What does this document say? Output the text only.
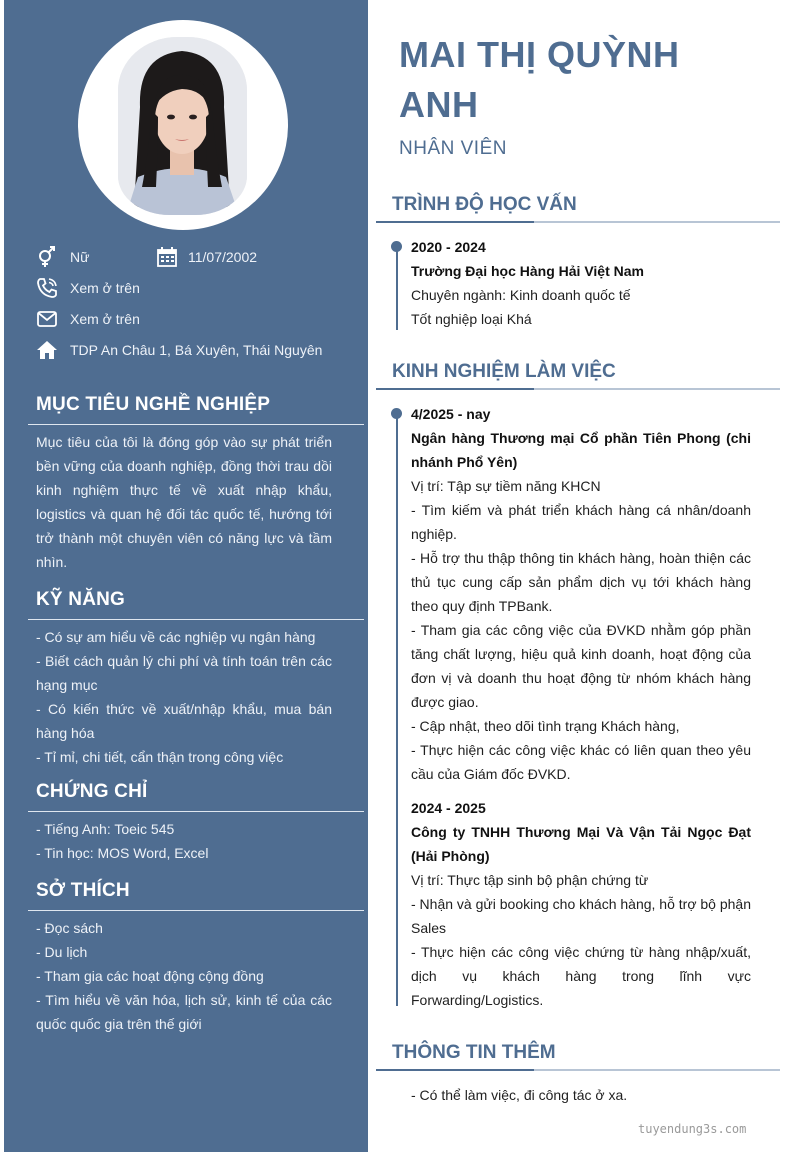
Nữ	11/07/2002
Xem ở trên
Xem ở trên
TDP An Châu 1, Bá Xuyên, Thái Nguyên
MỤC TIÊU NGHỀ NGHIỆP

Mục tiêu của tôi là đóng góp vào sự phát triển bền vững của doanh nghiệp, đồng thời trau dồi kinh nghiệm thực tế về xuất nhập khẩu, logistics và quan hệ đối tác quốc tế, hướng tới trở thành một chuyên viên có năng lực và tầm nhìn.

KỸ NĂNG
- Có sự am hiểu về các nghiệp vụ ngân hàng
- Biết cách quản lý chi phí và tính toán trên các hạng mục
- Có kiến thức về xuất/nhập khẩu, mua bán hàng hóa
- Tỉ mỉ, chi tiết, cẩn thận trong công việc
CHỨNG CHỈ
- Tiếng Anh: Toeic 545
- Tin học: MOS Word, Excel
SỞ THÍCH
- Đọc sách
- Du lịch
- Tham gia các hoạt động cộng đồng
- Tìm hiểu về văn hóa, lịch sử, kinh tế của các quốc quốc gia trên thế giới
MAI THỊ QUỲNH ANH
NHÂN VIÊN
TRÌNH ĐỘ HỌC VẤN

2020 - 2024

Trường Đại học Hàng Hải Việt Nam

Chuyên ngành: Kinh doanh quốc tế

Tốt nghiệp loại Khá

KINH NGHIỆM LÀM VIỆC

4/2025 - nay

Ngân hàng Thương mại Cổ phần Tiên Phong (chi nhánh Phổ Yên)

Vị trí: Tập sự tiềm năng KHCN

- Tìm kiếm và phát triển khách hàng cá nhân/doanh nghiệp.

- Hỗ trợ thu thập thông tin khách hàng, hoàn thiện các thủ tục cung cấp sản phẩm dịch vụ tới khách hàng theo quy định TPBank.

- Tham gia các công việc của ĐVKD nhằm góp phần tăng chất lượng, hiệu quả kinh doanh, hoạt động của đơn vị và doanh thu hoạt động từ nhóm khách hàng được giao.

- Cập nhật, theo dõi tình trạng Khách hàng,

- Thực hiện các công việc khác có liên quan theo yêu cầu của Giám đốc ĐVKD.

2024 - 2025

Công ty TNHH Thương Mại Và Vận Tải Ngọc Đạt (Hải Phòng)

Vị trí: Thực tập sinh bộ phận chứng từ

- Nhận và gửi booking cho khách hàng, hỗ trợ bộ phận Sales

- Thực hiện các công việc chứng từ hàng nhập/xuất, dịch vụ khách hàng trong lĩnh vực Forwarding/Logistics.

THÔNG TIN THÊM

- Có thể làm việc, đi công tác ở xa.

tuyendung3s.com
